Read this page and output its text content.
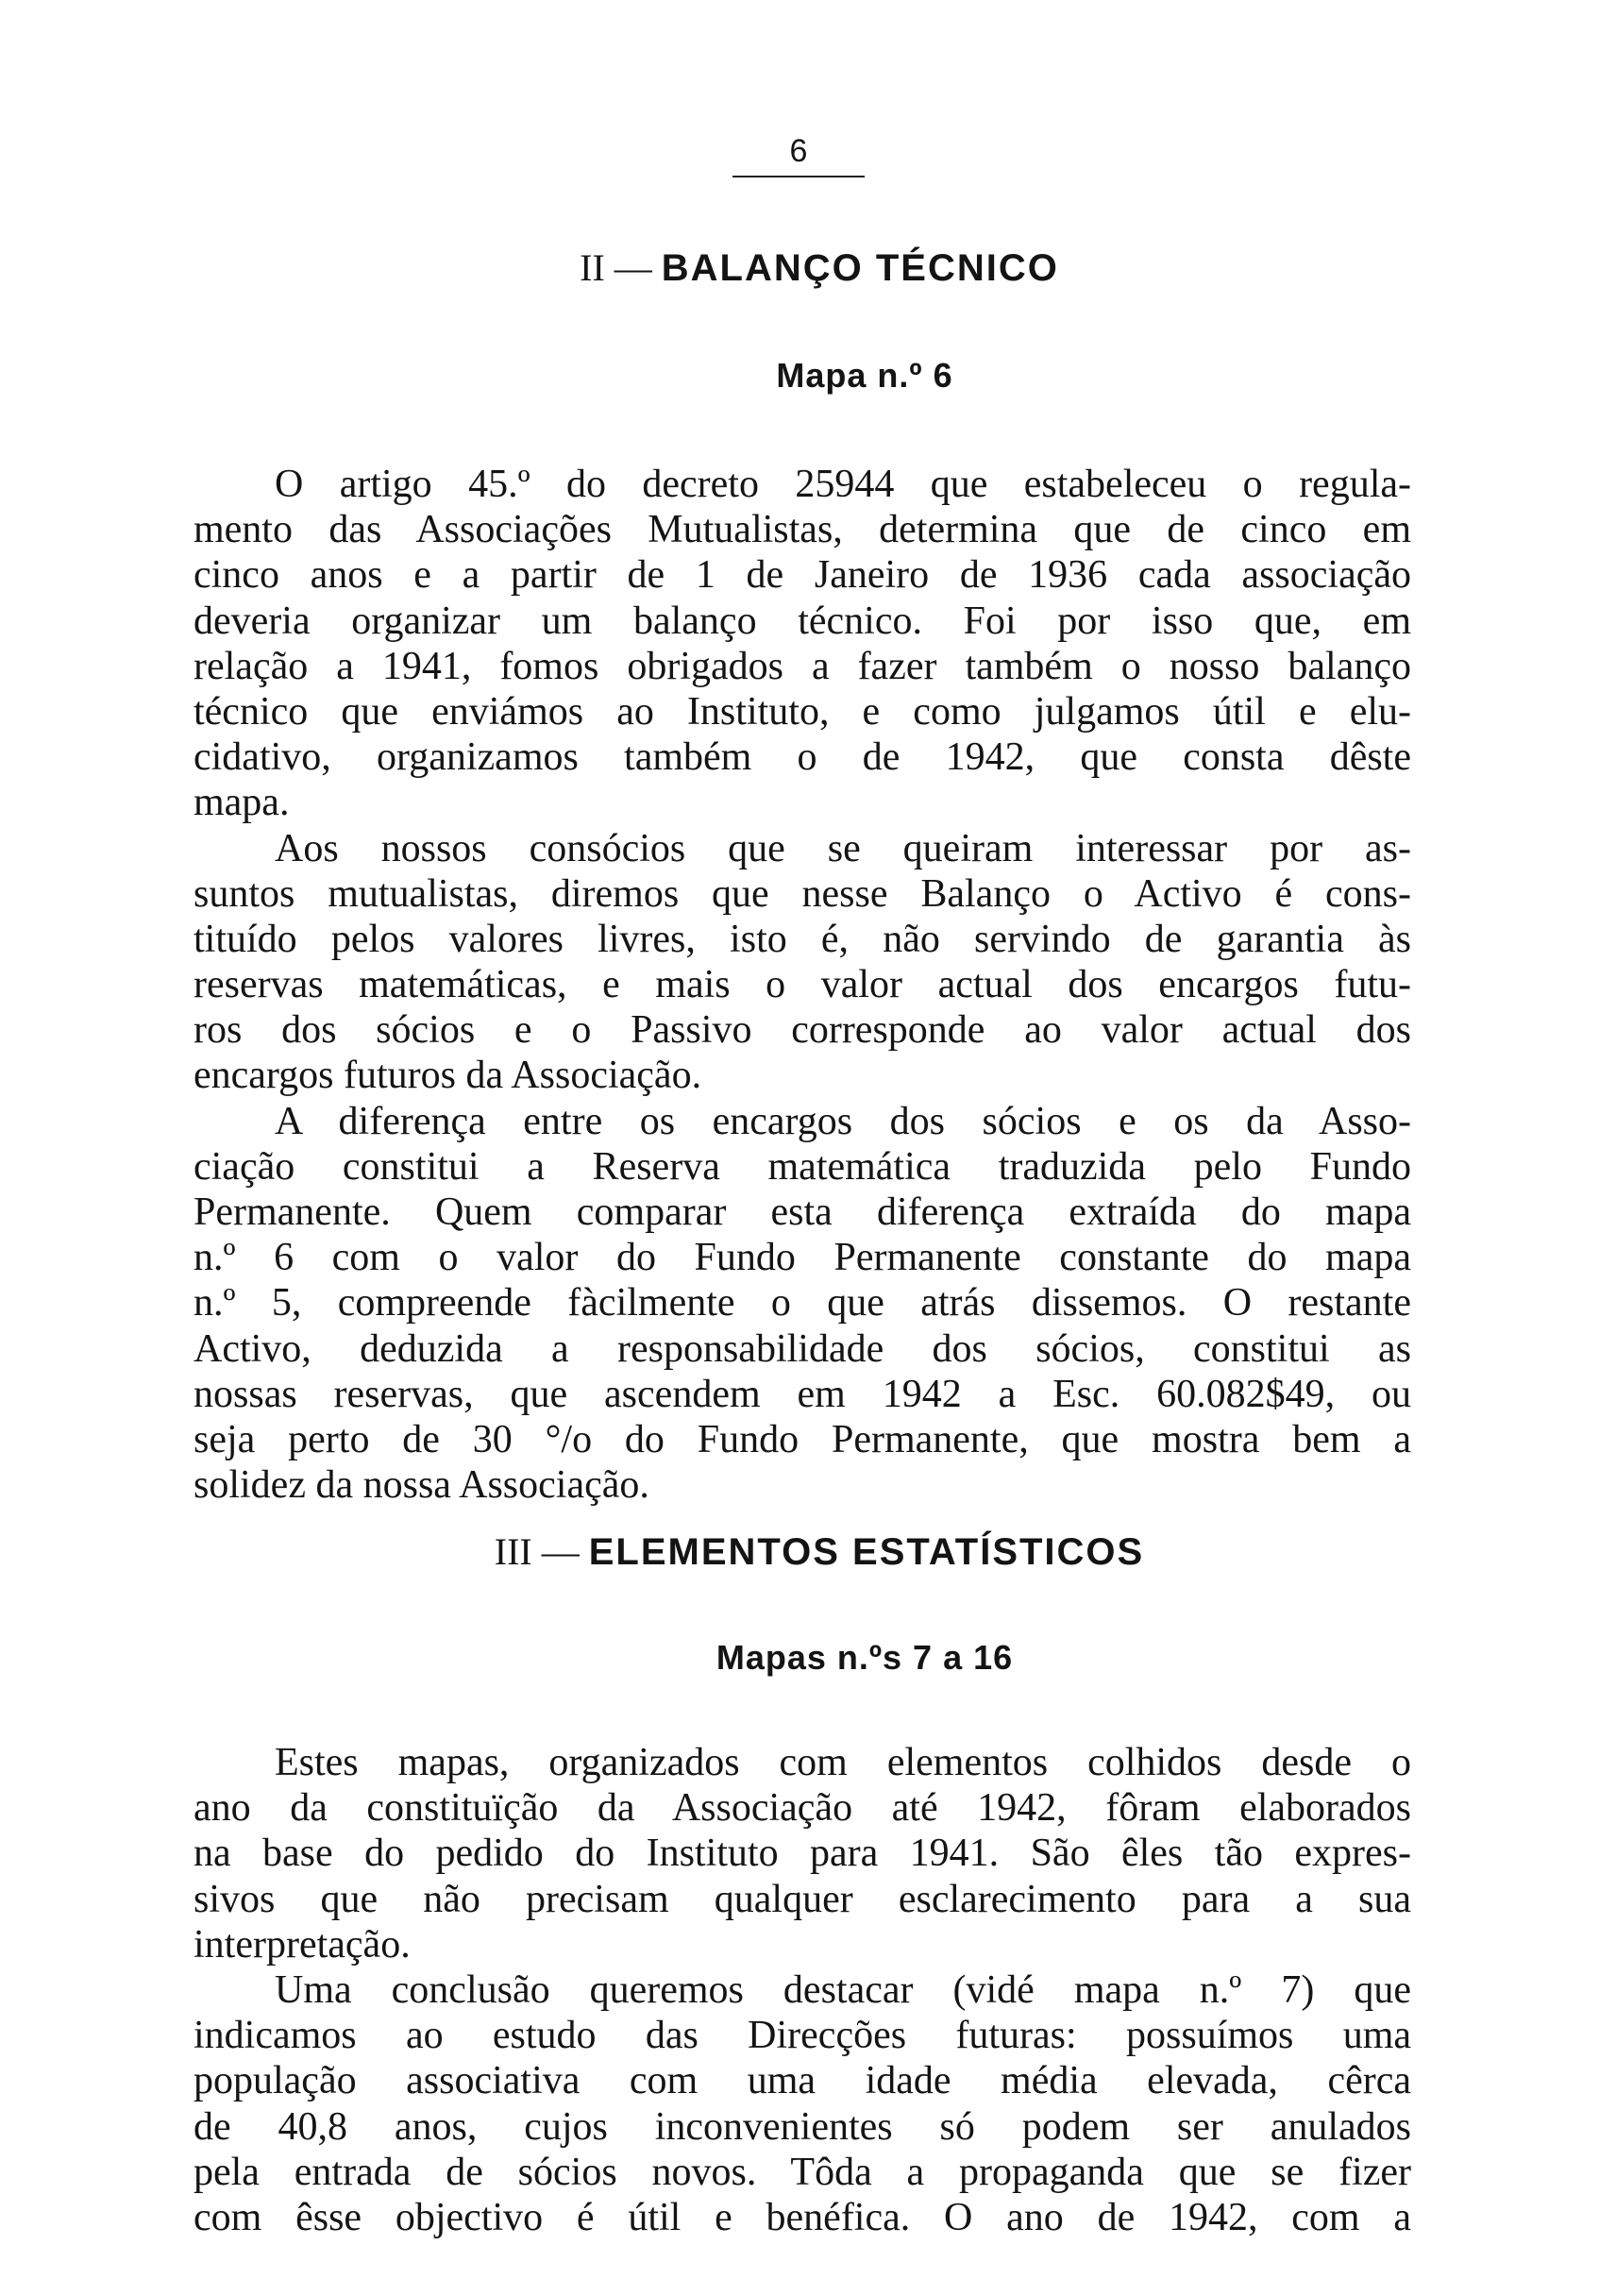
6
II — BALANÇO TÉCNICO
Mapa n.º 6
O artigo 45.º do decreto 25944 que estabeleceu o regula-
mento das Associações Mutualistas, determina que de cinco em
cinco anos e a partir de 1 de Janeiro de 1936 cada associação
deveria organizar um balanço técnico. Foi por isso que, em
relação a 1941, fomos obrigados a fazer também o nosso balanço
técnico que enviámos ao Instituto, e como julgamos útil e elu-
cidativo, organizamos também o de 1942, que consta dêste
mapa.
Aos nossos consócios que se queiram interessar por as-
suntos mutualistas, diremos que nesse Balanço o Activo é cons-
tituído pelos valores livres, isto é, não servindo de garantia às
reservas matemáticas, e mais o valor actual dos encargos futu-
ros dos sócios e o Passivo corresponde ao valor actual dos
encargos futuros da Associação.
A diferença entre os encargos dos sócios e os da Asso-
ciação constitui a Reserva matemática traduzida pelo Fundo
Permanente. Quem comparar esta diferença extraída do mapa
n.º 6 com o valor do Fundo Permanente constante do mapa
n.º 5, compreende fàcilmente o que atrás dissemos. O restante
Activo, deduzida a responsabilidade dos sócios, constitui as
nossas reservas, que ascendem em 1942 a Esc. 60.082$49, ou
seja perto de 30 °/o do Fundo Permanente, que mostra bem a
solidez da nossa Associação.
III — ELEMENTOS ESTATÍSTICOS
Mapas n.ºs 7 a 16
Estes mapas, organizados com elementos colhidos desde o
ano da constituïção da Associação até 1942, fôram elaborados
na base do pedido do Instituto para 1941. São êles tão expres-
sivos que não precisam qualquer esclarecimento para a sua
interpretação.
Uma conclusão queremos destacar (vidé mapa n.º 7) que
indicamos ao estudo das Direcções futuras: possuímos uma
população associativa com uma idade média elevada, cêrca
de 40,8 anos, cujos inconvenientes só podem ser anulados
pela entrada de sócios novos. Tôda a propaganda que se fizer
com êsse objectivo é útil e benéfica. O ano de 1942, com a
